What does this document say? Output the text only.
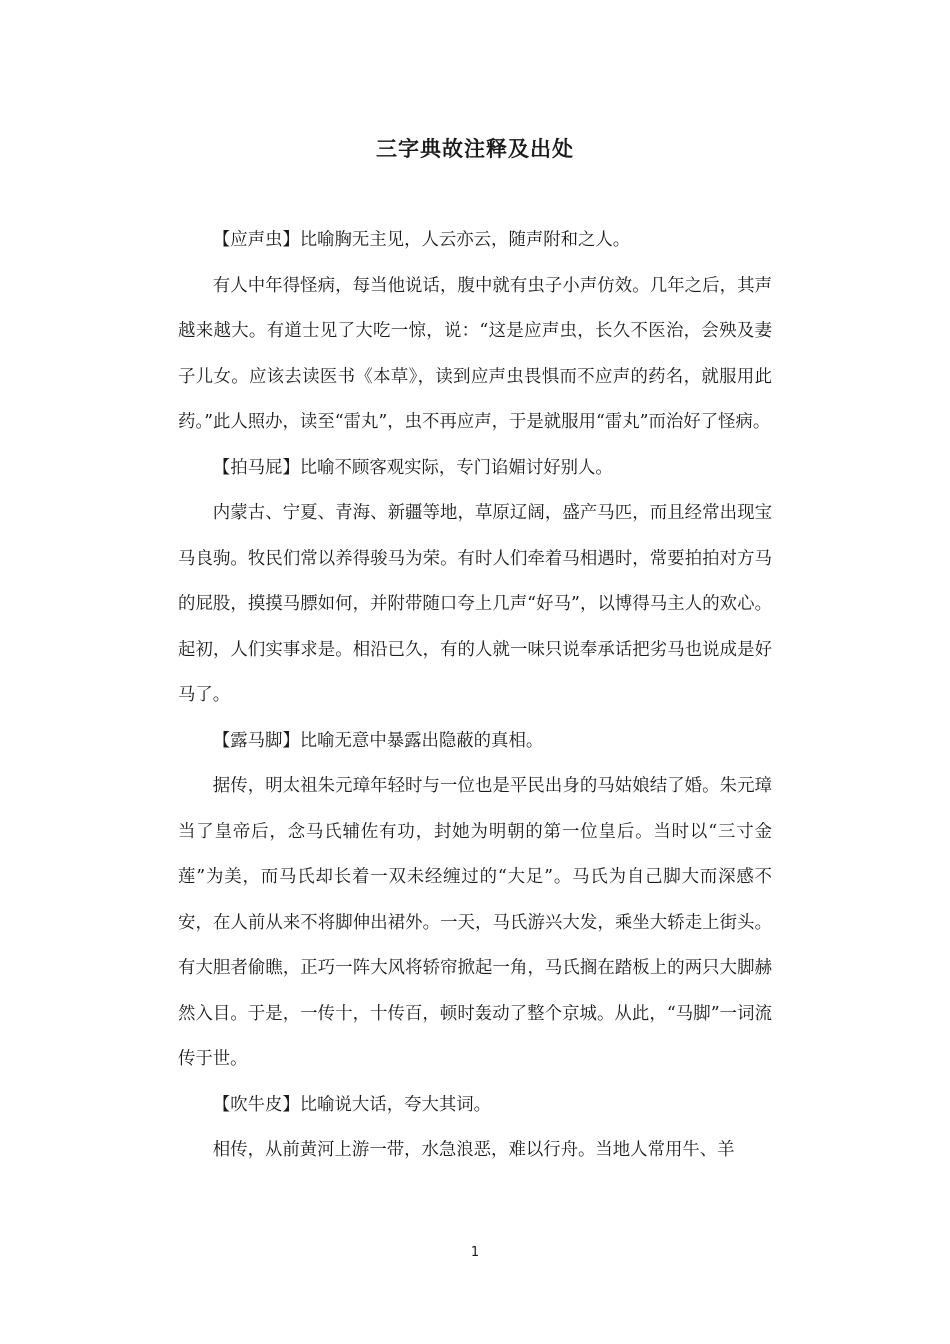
三字典故注释及出处

【应声虫】比喻胸无主见，人云亦云，随声附和之人。

有人中年得怪病，每当他说话，腹中就有虫子小声仿效。几年之后，其声越来越大。有道士见了大吃一惊，说：“这是应声虫，长久不医治，会殃及妻子儿女。应该去读医书《本草》，读到应声虫畏惧而不应声的药名，就服用此药。”此人照办，读至“雷丸”，虫不再应声，于是就服用“雷丸”而治好了怪病。

【拍马屁】比喻不顾客观实际，专门谄媚讨好别人。

内蒙古、宁夏、青海、新疆等地，草原辽阔，盛产马匹，而且经常出现宝马良驹。牧民们常以养得骏马为荣。有时人们牵着马相遇时，常要拍拍对方马的屁股，摸摸马膘如何，并附带随口夸上几声“好马”，以博得马主人的欢心。起初，人们实事求是。相沿已久，有的人就一味只说奉承话把劣马也说成是好马了。

【露马脚】比喻无意中暴露出隐蔽的真相。

据传，明太祖朱元璋年轻时与一位也是平民出身的马姑娘结了婚。朱元璋当了皇帝后，念马氏辅佐有功，封她为明朝的第一位皇后。当时以“三寸金莲”为美，而马氏却长着一双未经缠过的“大足”。马氏为自己脚大而深感不安，在人前从来不将脚伸出裙外。一天，马氏游兴大发，乘坐大轿走上街头。有大胆者偷瞧，正巧一阵大风将轿帘掀起一角，马氏搁在踏板上的两只大脚赫然入目。于是，一传十，十传百，顿时轰动了整个京城。从此，“马脚”一词流传于世。

【吹牛皮】比喻说大话，夸大其词。

相传，从前黄河上游一带，水急浪恶，难以行舟。当地人常用牛、羊

1
